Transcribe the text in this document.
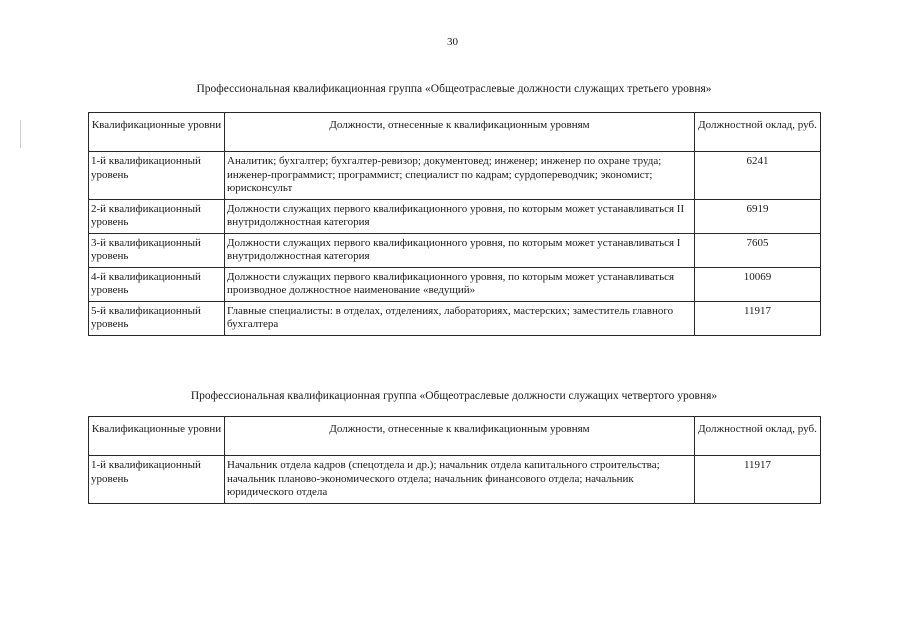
30
Профессиональная квалификационная группа «Общеотраслевые должности служащих третьего уровня»
Квалификационные уровни	Должности, отнесенные к квалификационным уровням	Должностной оклад, руб.
1-й квалификационный уровень	Аналитик; бухгалтер; бухгалтер-ревизор; документовед; инженер; инженер по охране труда; инженер-программист; программист; специалист по кадрам; сурдопереводчик; экономист; юрисконсульт	6241
2-й квалификационный уровень	Должности служащих первого квалификационного уровня, по которым может устанавливаться II внутридолжностная категория	6919
3-й квалификационный уровень	Должности служащих первого квалификационного уровня, по которым может устанавливаться I внутридолжностная категория	7605
4-й квалификационный уровень	Должности служащих первого квалификационного уровня, по которым может устанавливаться производное должностное наименование «ведущий»	10069
5-й квалификационный уровень	Главные специалисты: в отделах, отделениях, лабораториях, мастерских; заместитель главного бухгалтера	11917
Профессиональная квалификационная группа «Общеотраслевые должности служащих четвертого уровня»
Квалификационные уровни	Должности, отнесенные к квалификационным уровням	Должностной оклад, руб.
1-й квалификационный уровень	Начальник отдела кадров (спецотдела и др.); начальник отдела капитального строительства; начальник планово-экономического отдела; начальник финансового отдела; начальник юридического отдела	11917
